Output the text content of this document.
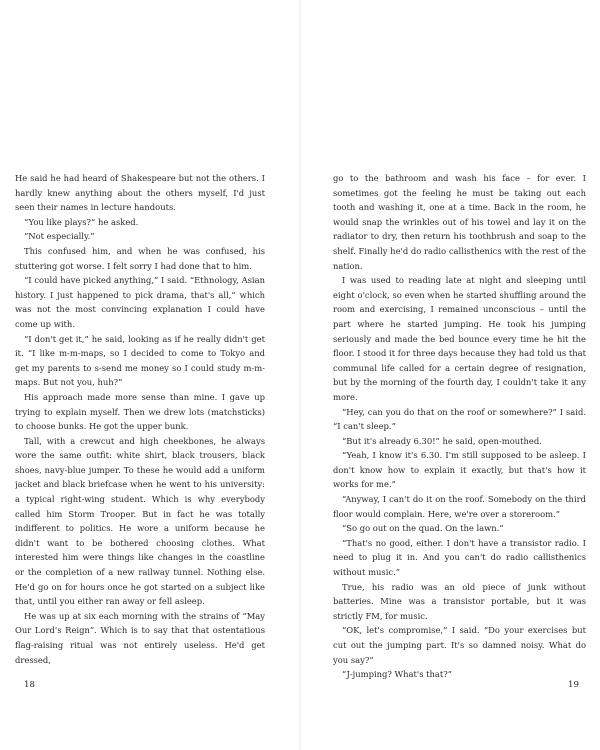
He said he had heard of Shakespeare but not the others. I hardly knew anything about the others myself, I'd just seen their names in lecture handouts.

“You like plays?” he asked.

“Not especially.”

This confused him, and when he was confused, his stuttering got worse. I felt sorry I had done that to him.

“I could have picked anything,” I said. “Ethnology, Asian history. I just happened to pick drama, that's all,” which was not the most convincing explanation I could have come up with.

“I don't get it,” he said, looking as if he really didn't get it. “I like m-m-maps, so I decided to come to Tokyo and get my parents to s-send me money so I could study m-m-maps. But not you, huh?”

His approach made more sense than mine. I gave up trying to explain myself. Then we drew lots (matchsticks) to choose bunks. He got the upper bunk.

Tall, with a crewcut and high cheekbones, he always wore the same outfit: white shirt, black trousers, black shoes, navy-blue jumper. To these he would add a uniform jacket and black briefcase when he went to his university: a typical right-wing student. Which is why everybody called him Storm Trooper. But in fact he was totally indifferent to politics. He wore a uniform because he didn't want to be bothered choosing clothes. What interested him were things like changes in the coastline or the completion of a new railway tunnel. Nothing else. He'd go on for hours once he got started on a subject like that, until you either ran away or fell asleep.

He was up at six each morning with the strains of “May Our Lord's Reign”. Which is to say that that ostentatious flag-raising ritual was not entirely useless. He'd get dressed,

go to the bathroom and wash his face – for ever. I sometimes got the feeling he must be taking out each tooth and washing it, one at a time. Back in the room, he would snap the wrinkles out of his towel and lay it on the radiator to dry, then return his toothbrush and soap to the shelf. Finally he'd do radio callisthenics with the rest of the nation.

I was used to reading late at night and sleeping until eight o'clock, so even when he started shuffling around the room and exercising, I remained unconscious – until the part where he started jumping. He took his jumping seriously and made the bed bounce every time he hit the floor. I stood it for three days because they had told us that communal life called for a certain degree of resignation, but by the morning of the fourth day, I couldn't take it any more.

“Hey, can you do that on the roof or somewhere?” I said. “I can't sleep.”

“But it's already 6.30!” he said, open-mouthed.

“Yeah, I know it's 6.30. I'm still supposed to be asleep. I don't know how to explain it exactly, but that's how it works for me.”

“Anyway, I can't do it on the roof. Somebody on the third floor would complain. Here, we're over a storeroom.”

“So go out on the quad. On the lawn.”

“That's no good, either. I don't have a transistor radio. I need to plug it in. And you can't do radio callisthenics without music.”

True, his radio was an old piece of junk without batteries. Mine was a transistor portable, but it was strictly FM, for music.

“OK, let's compromise,” I said. “Do your exercises but cut out the jumping part. It's so damned noisy. What do you say?”

“J-jumping? What's that?”

18	19
